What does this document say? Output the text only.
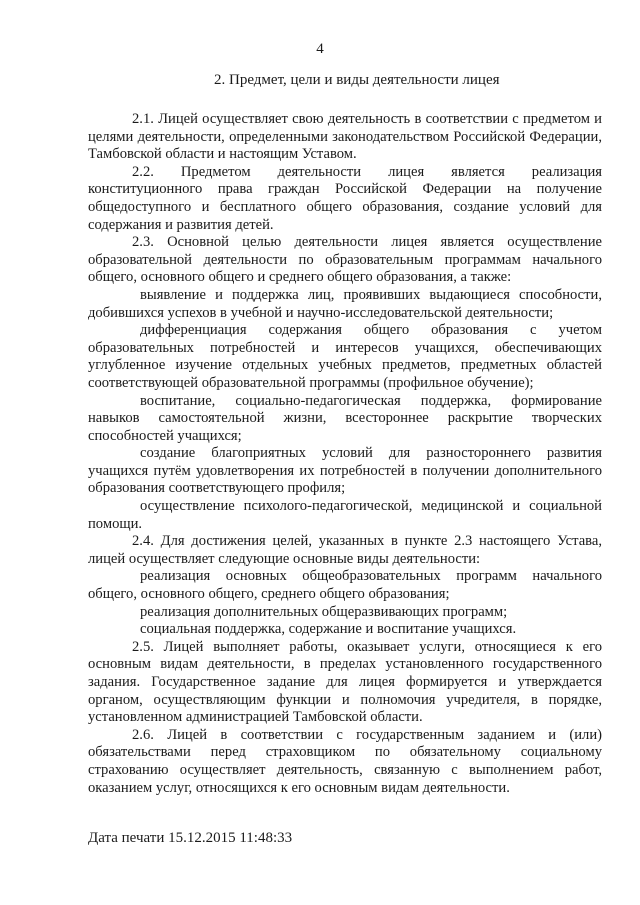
4
2. Предмет, цели и виды деятельности лицея

2.1. Лицей осуществляет свою деятельность в соответствии с предметом и целями деятельности, определенными законодательством Российской Федерации, Тамбовской области и настоящим Уставом.

2.2. Предметом деятельности лицея является реализация конституционного права граждан Российской Федерации на получение общедоступного и бесплатного общего образования, создание условий для содержания и развития детей.

2.3. Основной целью деятельности лицея является осуществление образовательной деятельности по образовательным программам начального общего, основного общего и среднего общего образования, а также:

выявление и поддержка лиц, проявивших выдающиеся способности, добившихся успехов в учебной и научно-исследовательской деятельности;

дифференциация содержания общего образования с учетом образовательных потребностей и интересов учащихся, обеспечивающих углубленное изучение отдельных учебных предметов, предметных областей соответствующей образовательной программы (профильное обучение);

воспитание, социально-педагогическая поддержка, формирование навыков самостоятельной жизни, всестороннее раскрытие творческих способностей учащихся;

создание благоприятных условий для разностороннего развития учащихся путём удовлетворения их потребностей в получении дополнительного образования соответствующего профиля;

осуществление психолого-педагогической, медицинской и социальной помощи.

2.4. Для достижения целей, указанных в пункте 2.3 настоящего Устава, лицей осуществляет следующие основные виды деятельности:

реализация основных общеобразовательных программ начального общего, основного общего, среднего общего образования;

реализация дополнительных общеразвивающих программ;

социальная поддержка, содержание и воспитание учащихся.

2.5. Лицей выполняет работы, оказывает услуги, относящиеся к его основным видам деятельности, в пределах установленного государственного задания. Государственное задание для лицея формируется и утверждается органом, осуществляющим функции и полномочия учредителя, в порядке, установленном администрацией Тамбовской области.

2.6. Лицей в соответствии с государственным заданием и (или) обязательствами перед страховщиком по обязательному социальному страхованию осуществляет деятельность, связанную с выполнением работ, оказанием услуг, относящихся к его основным видам деятельности.

Дата печати 15.12.2015 11:48:33
